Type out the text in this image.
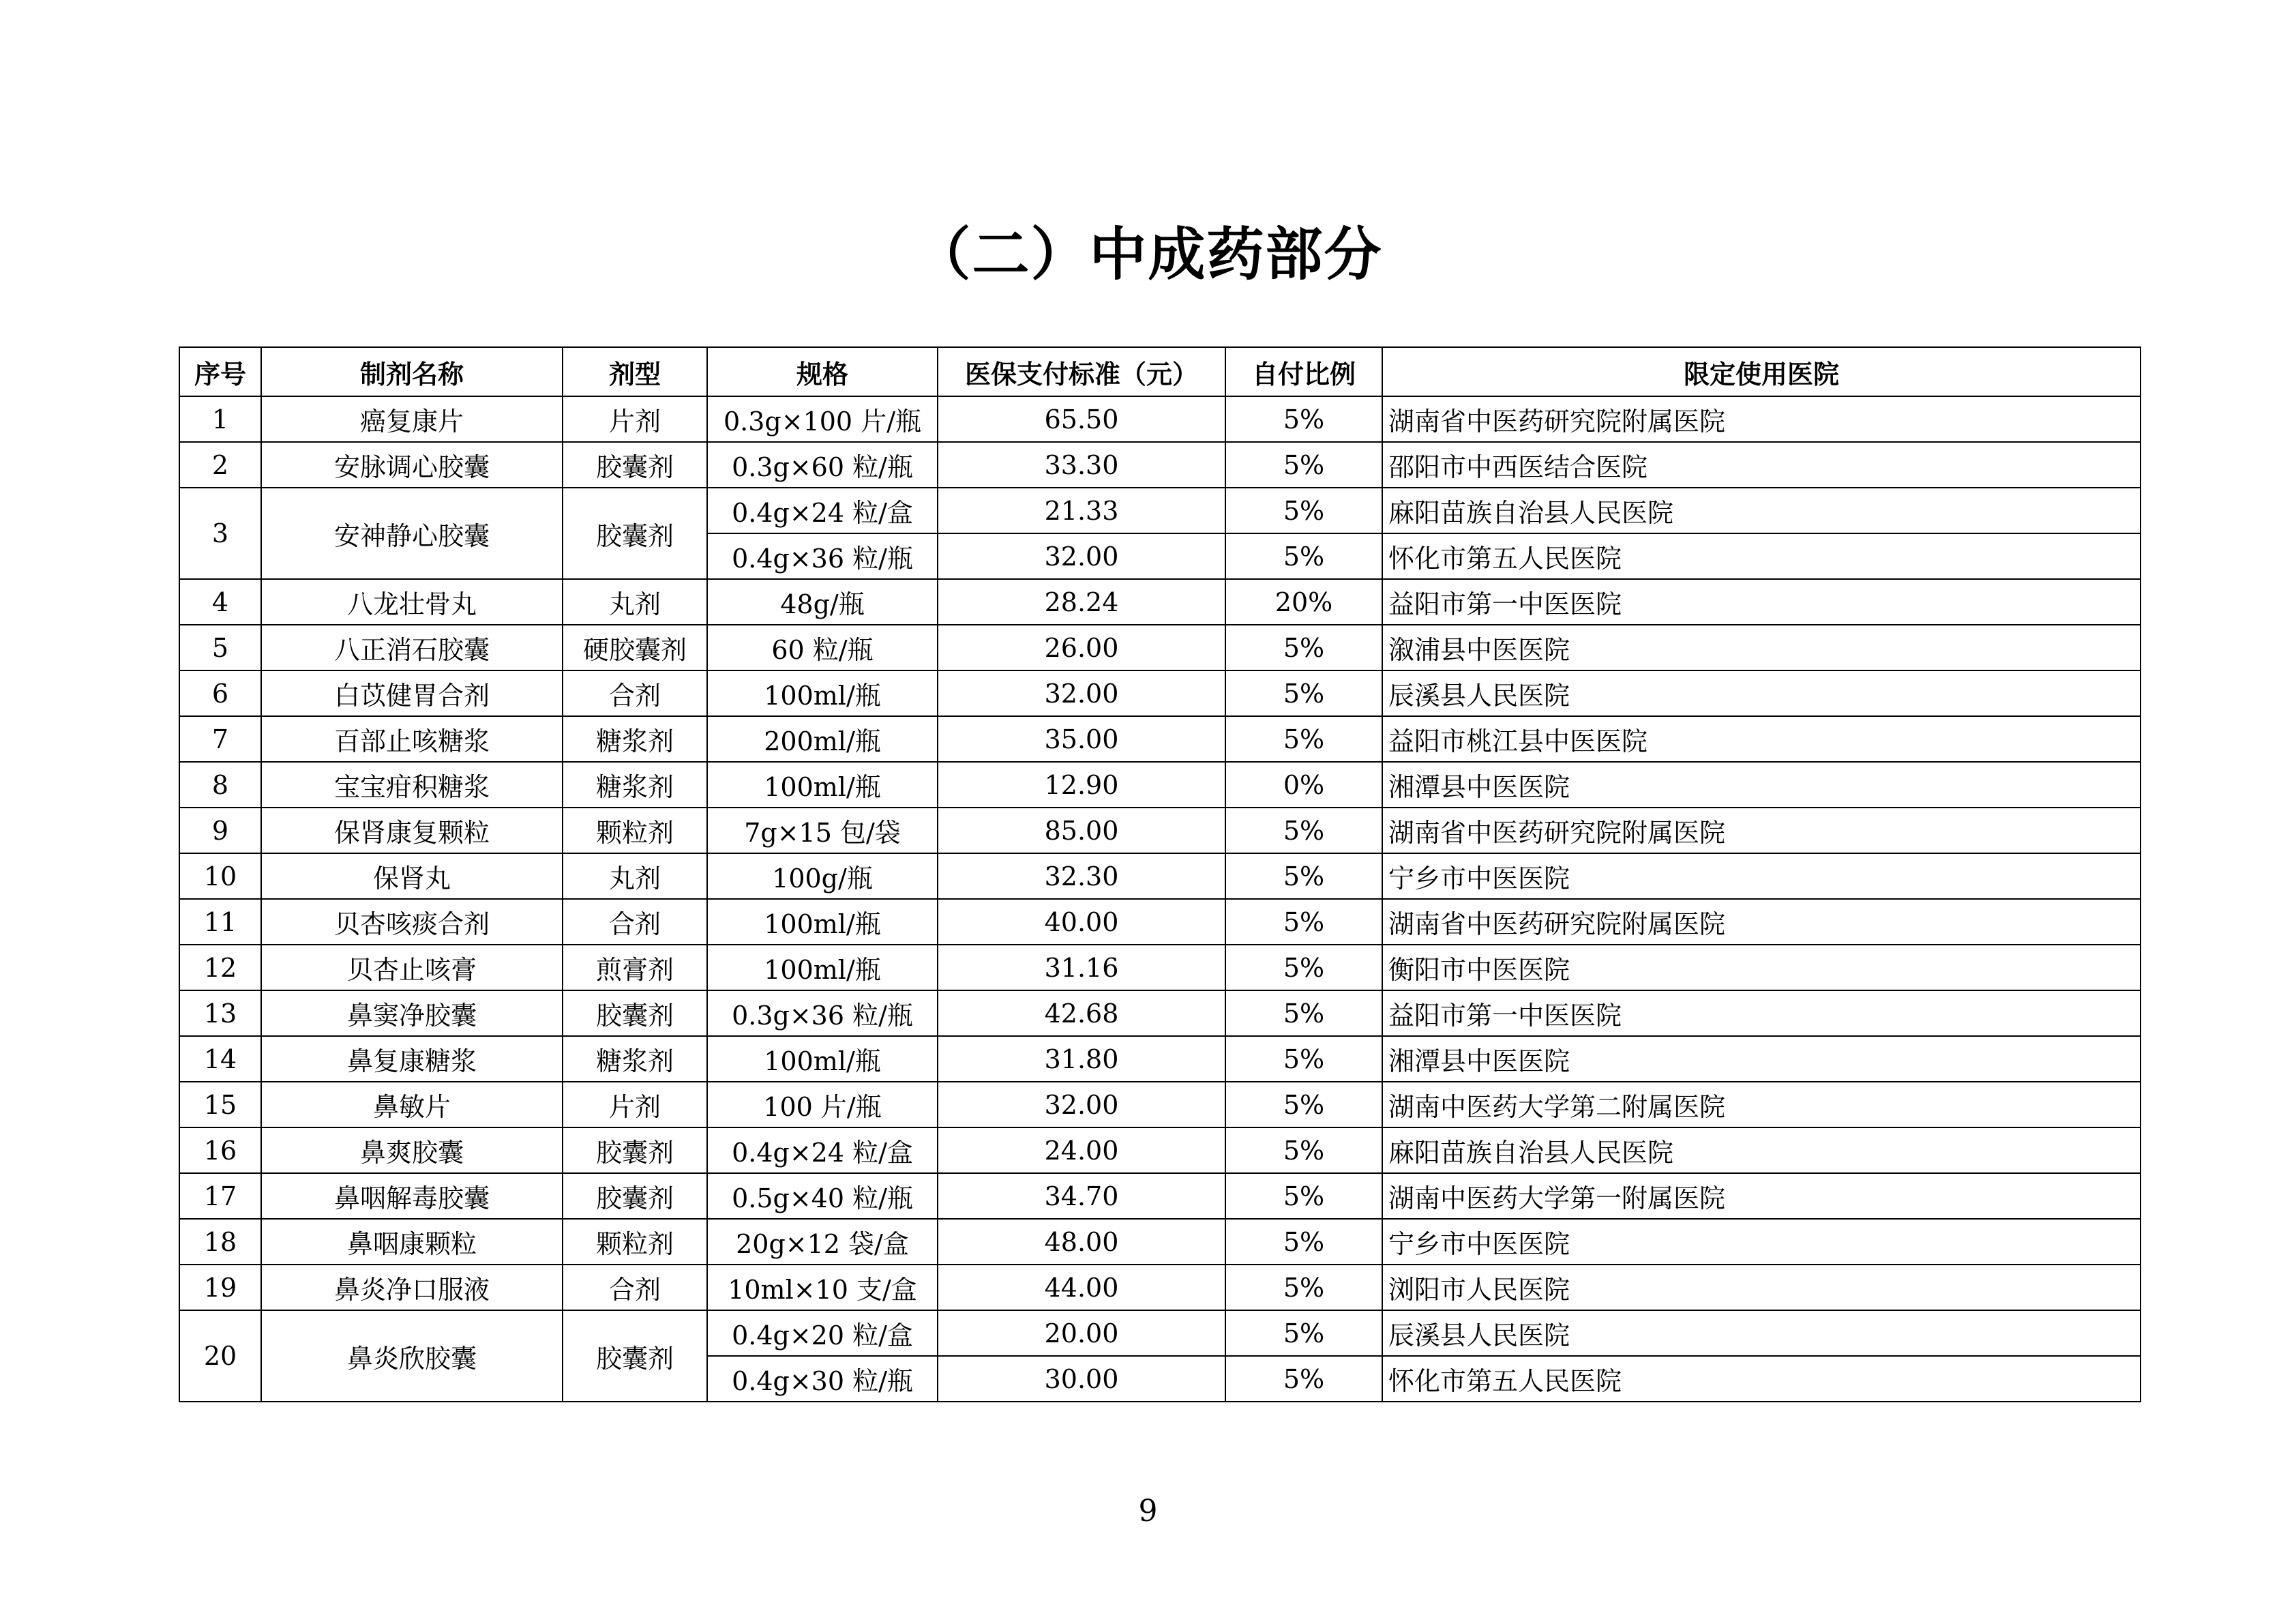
（二）中成药部分
序号	制剂名称	剂型	规格	医保支付标准（元）	自付比例	限定使用医院
1	癌复康片	片剂	0.3g×100 片/瓶	65.50	5%	湖南省中医药研究院附属医院
2	安脉调心胶囊	胶囊剂	0.3g×60 粒/瓶	33.30	5%	邵阳市中西医结合医院
3	安神静心胶囊	胶囊剂	0.4g×24 粒/盒	21.33	5%	麻阳苗族自治县人民医院
			0.4g×36 粒/瓶	32.00	5%	怀化市第五人民医院
4	八龙壮骨丸	丸剂	48g/瓶	28.24	20%	益阳市第一中医医院
5	八正消石胶囊	硬胶囊剂	60 粒/瓶	26.00	5%	溆浦县中医医院
6	白苡健胃合剂	合剂	100ml/瓶	32.00	5%	辰溪县人民医院
7	百部止咳糖浆	糖浆剂	200ml/瓶	35.00	5%	益阳市桃江县中医医院
8	宝宝疳积糖浆	糖浆剂	100ml/瓶	12.90	0%	湘潭县中医医院
9	保肾康复颗粒	颗粒剂	7g×15 包/袋	85.00	5%	湖南省中医药研究院附属医院
10	保肾丸	丸剂	100g/瓶	32.30	5%	宁乡市中医医院
11	贝杏咳痰合剂	合剂	100ml/瓶	40.00	5%	湖南省中医药研究院附属医院
12	贝杏止咳膏	煎膏剂	100ml/瓶	31.16	5%	衡阳市中医医院
13	鼻窦净胶囊	胶囊剂	0.3g×36 粒/瓶	42.68	5%	益阳市第一中医医院
14	鼻复康糖浆	糖浆剂	100ml/瓶	31.80	5%	湘潭县中医医院
15	鼻敏片	片剂	100 片/瓶	32.00	5%	湖南中医药大学第二附属医院
16	鼻爽胶囊	胶囊剂	0.4g×24 粒/盒	24.00	5%	麻阳苗族自治县人民医院
17	鼻咽解毒胶囊	胶囊剂	0.5g×40 粒/瓶	34.70	5%	湖南中医药大学第一附属医院
18	鼻咽康颗粒	颗粒剂	20g×12 袋/盒	48.00	5%	宁乡市中医医院
19	鼻炎净口服液	合剂	10ml×10 支/盒	44.00	5%	浏阳市人民医院
20	鼻炎欣胶囊	胶囊剂	0.4g×20 粒/盒	20.00	5%	辰溪县人民医院
			0.4g×30 粒/瓶	30.00	5%	怀化市第五人民医院
9
